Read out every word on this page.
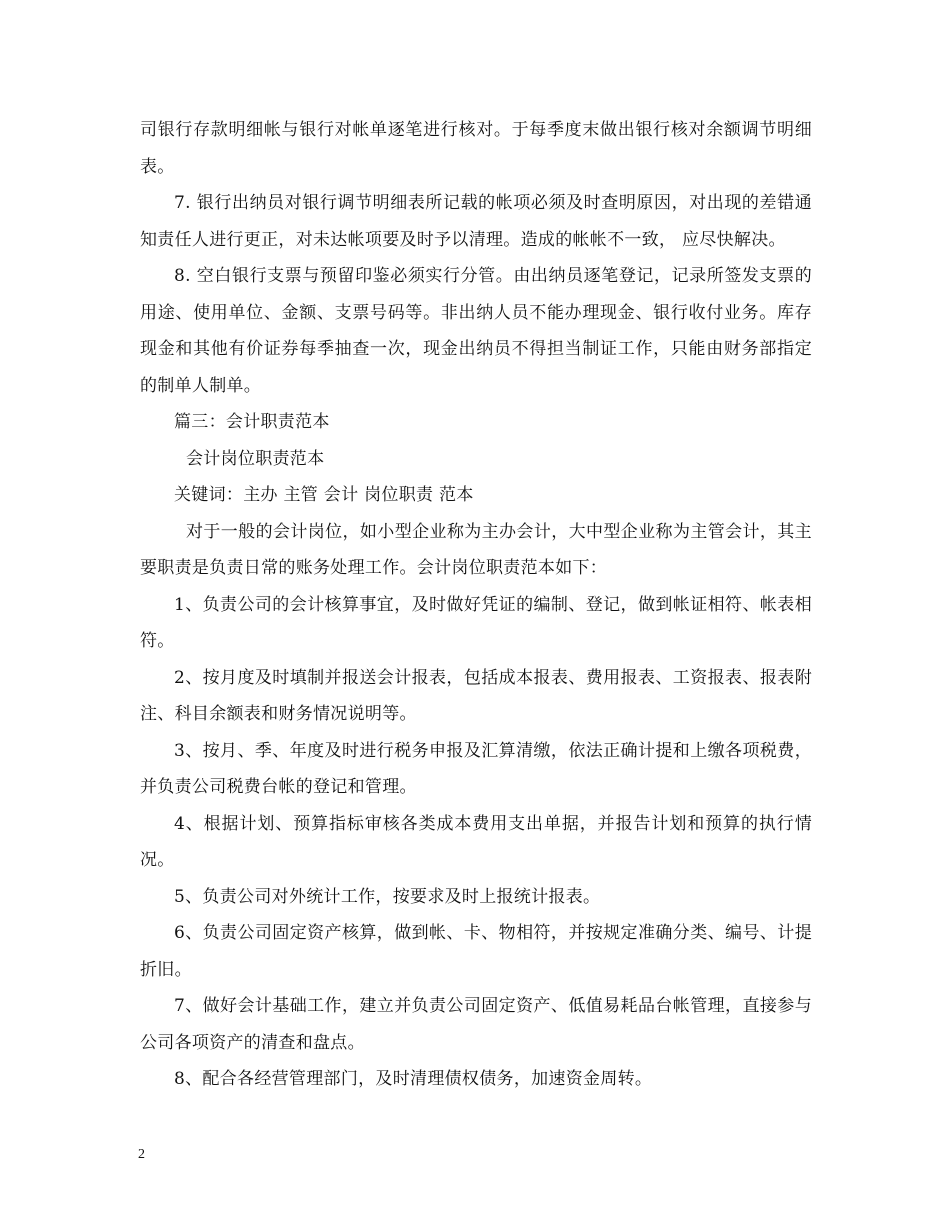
司银行存款明细帐与银行对帐单逐笔进行核对。于每季度末做出银行核对余额调节明细表。

7. 银行出纳员对银行调节明细表所记载的帐项必须及时查明原因，对出现的差错通知责任人进行更正，对未达帐项要及时予以清理。造成的帐帐不一致， 应尽快解决。

8. 空白银行支票与预留印鉴必须实行分管。由出纳员逐笔登记，记录所签发支票的用途、使用单位、金额、支票号码等。非出纳人员不能办理现金、银行收付业务。库存现金和其他有价证券每季抽查一次，现金出纳员不得担当制证工作，只能由财务部指定的制单人制单。

篇三：会计职责范本

会计岗位职责范本

关键词：主办 主管 会计 岗位职责 范本

对于一般的会计岗位，如小型企业称为主办会计，大中型企业称为主管会计，其主要职责是负责日常的账务处理工作。会计岗位职责范本如下：

1、负责公司的会计核算事宜，及时做好凭证的编制、登记，做到帐证相符、帐表相符。

2、按月度及时填制并报送会计报表，包括成本报表、费用报表、工资报表、报表附注、科目余额表和财务情况说明等。

3、按月、季、年度及时进行税务申报及汇算清缴，依法正确计提和上缴各项税费，并负责公司税费台帐的登记和管理。

4、根据计划、预算指标审核各类成本费用支出单据，并报告计划和预算的执行情况。

5、负责公司对外统计工作，按要求及时上报统计报表。

6、负责公司固定资产核算，做到帐、卡、物相符，并按规定准确分类、编号、计提折旧。

7、做好会计基础工作，建立并负责公司固定资产、低值易耗品台帐管理，直接参与公司各项资产的清查和盘点。

8、配合各经营管理部门，及时清理债权债务，加速资金周转。

2
